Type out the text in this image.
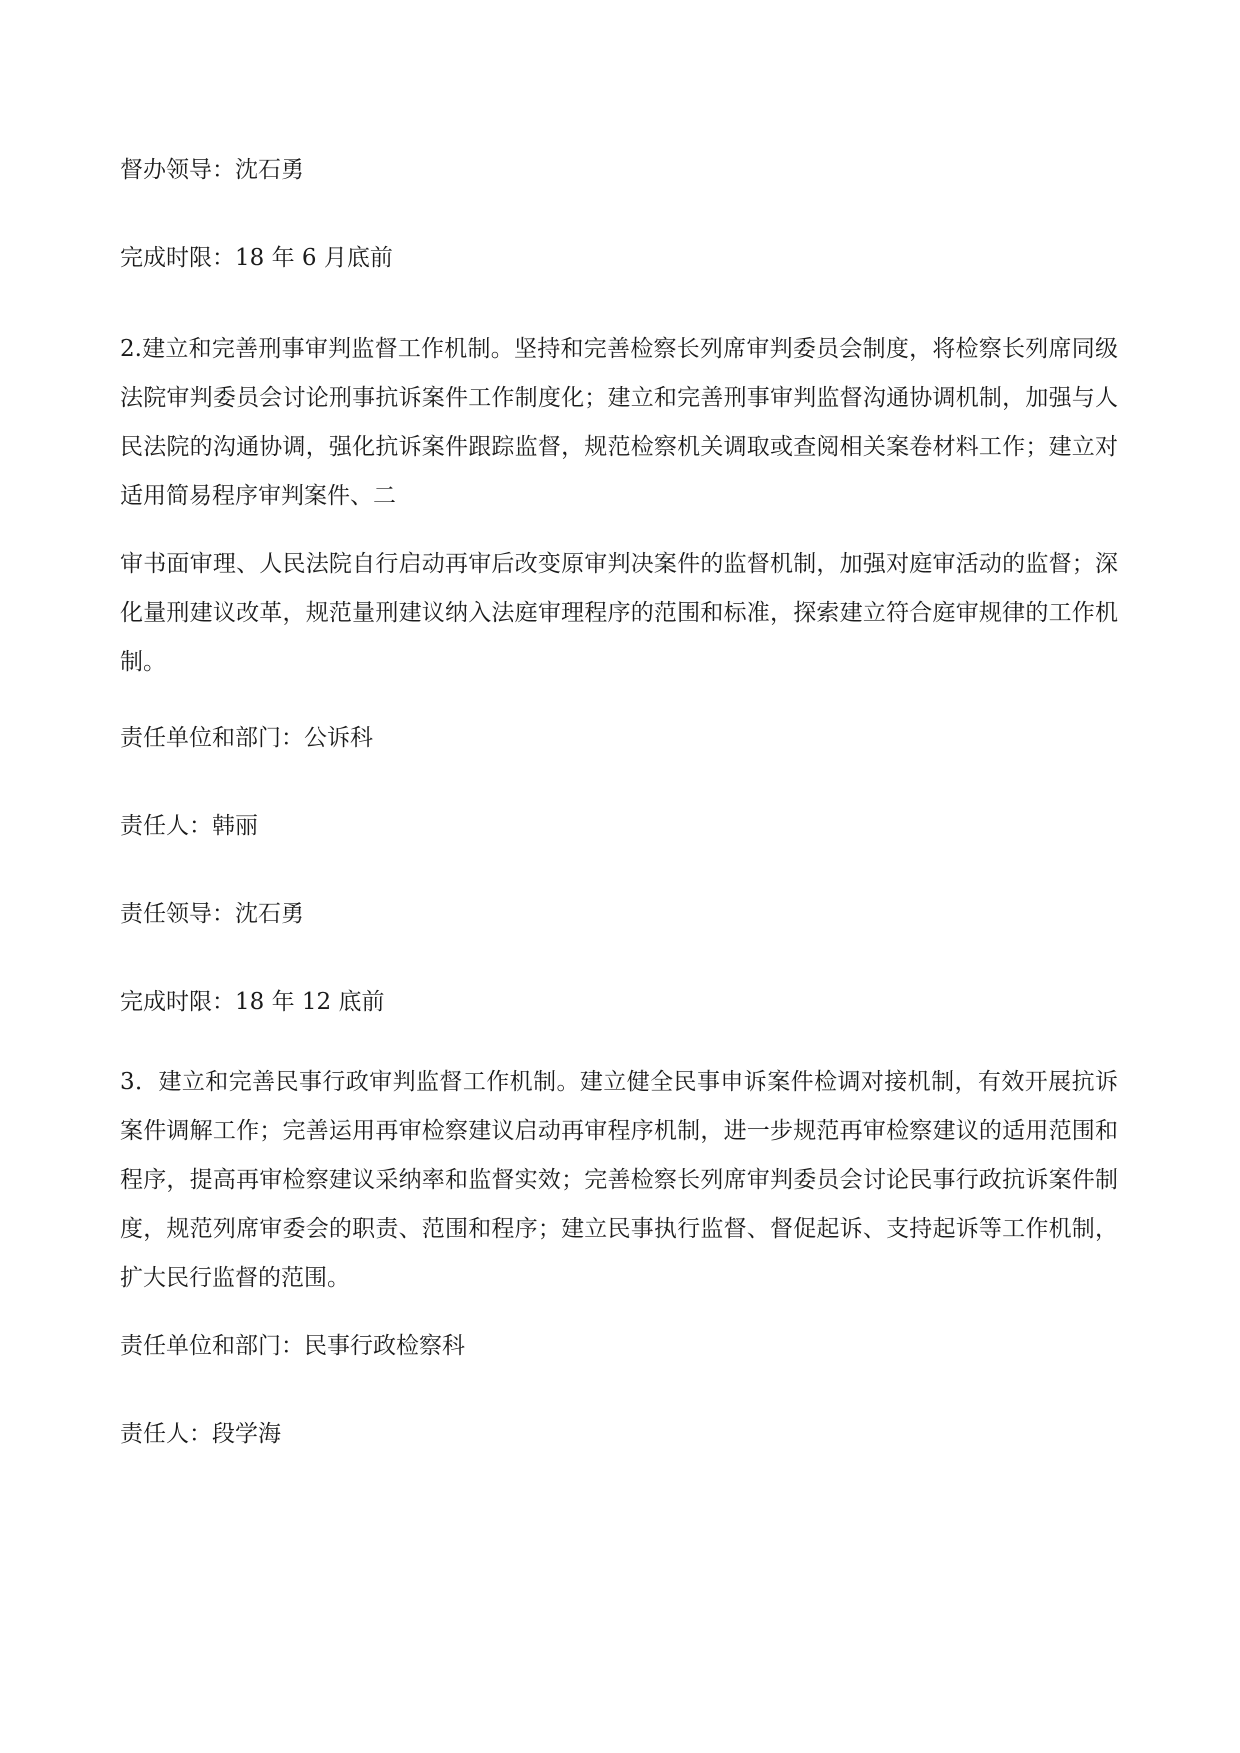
督办领导：沈石勇

完成时限：18 年 6 月底前

2.建立和完善刑事审判监督工作机制。坚持和完善检察长列席审判委员会制度，将检察长列席同级法院审判委员会讨论刑事抗诉案件工作制度化；建立和完善刑事审判监督沟通协调机制，加强与人民法院的沟通协调，强化抗诉案件跟踪监督，规范检察机关调取或查阅相关案卷材料工作；建立对适用简易程序审判案件、二

审书面审理、人民法院自行启动再审后改变原审判决案件的监督机制，加强对庭审活动的监督；深化量刑建议改革，规范量刑建议纳入法庭审理程序的范围和标准，探索建立符合庭审规律的工作机制。

责任单位和部门：公诉科

责任人：韩丽

责任领导：沈石勇

完成时限：18 年 12 底前

3．建立和完善民事行政审判监督工作机制。建立健全民事申诉案件检调对接机制，有效开展抗诉案件调解工作；完善运用再审检察建议启动再审程序机制，进一步规范再审检察建议的适用范围和程序，提高再审检察建议采纳率和监督实效；完善检察长列席审判委员会讨论民事行政抗诉案件制度，规范列席审委会的职责、范围和程序；建立民事执行监督、督促起诉、支持起诉等工作机制，扩大民行监督的范围。

责任单位和部门：民事行政检察科

责任人：段学海
